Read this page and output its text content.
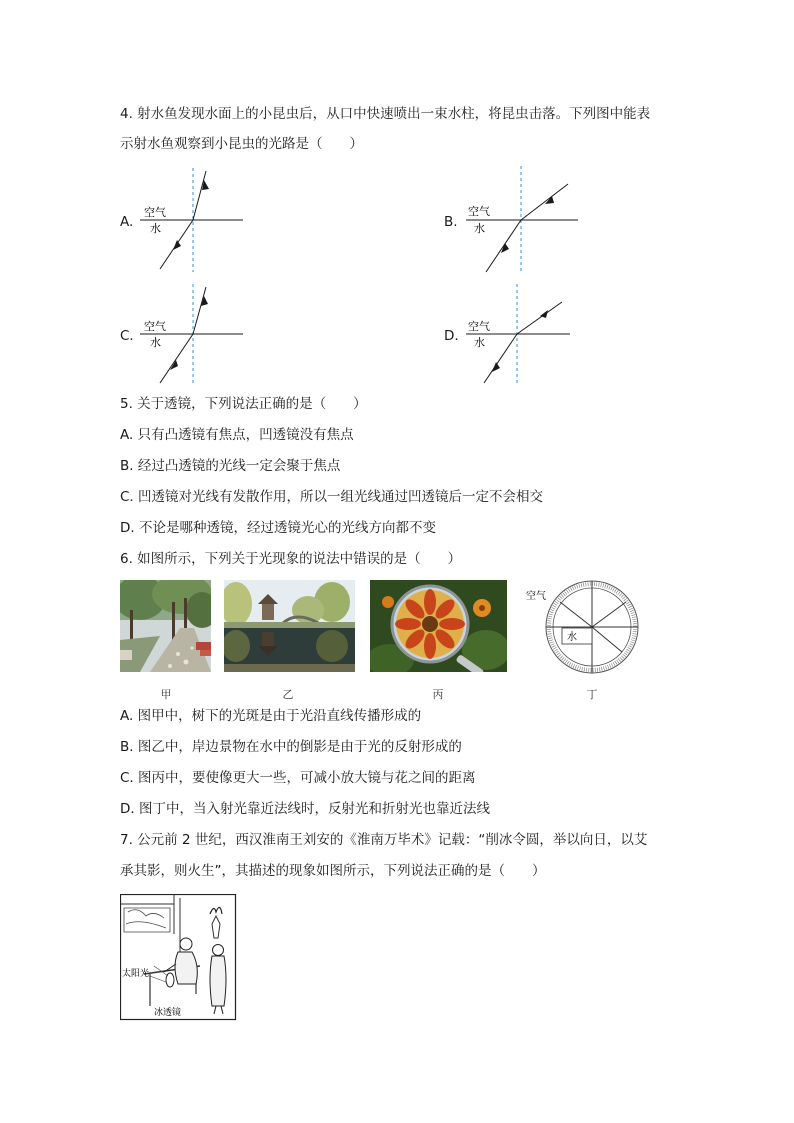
4. 射水鱼发现水面上的小昆虫后，从口中快速喷出一束水柱，将昆虫击落。下列图中能表
示射水鱼观察到小昆虫的光路是（　　）
A.
空气
水	B.
空气
水
C.
空气
水	D.
空气
水
5. 关于透镜，下列说法正确的是（　　）
A. 只有凸透镜有焦点，凹透镜没有焦点
B. 经过凸透镜的光线一定会聚于焦点
C. 凹透镜对光线有发散作用，所以一组光线通过凹透镜后一定不会相交
D. 不论是哪种透镜，经过透镜光心的光线方向都不变
6. 如图所示，下列关于光现象的说法中错误的是（　　）
空气
水
甲	乙	丙	丁
A. 图甲中，树下的光斑是由于光沿直线传播形成的
B. 图乙中，岸边景物在水中的倒影是由于光的反射形成的
C. 图丙中，要使像更大一些，可减小放大镜与花之间的距离
D. 图丁中，当入射光靠近法线时，反射光和折射光也靠近法线
7. 公元前 2 世纪，西汉淮南王刘安的《淮南万毕术》记载：“削冰令圆，举以向日，以艾
承其影，则火生”，其描述的现象如图所示，下列说法正确的是（　　）
太阳光
冰透镜
